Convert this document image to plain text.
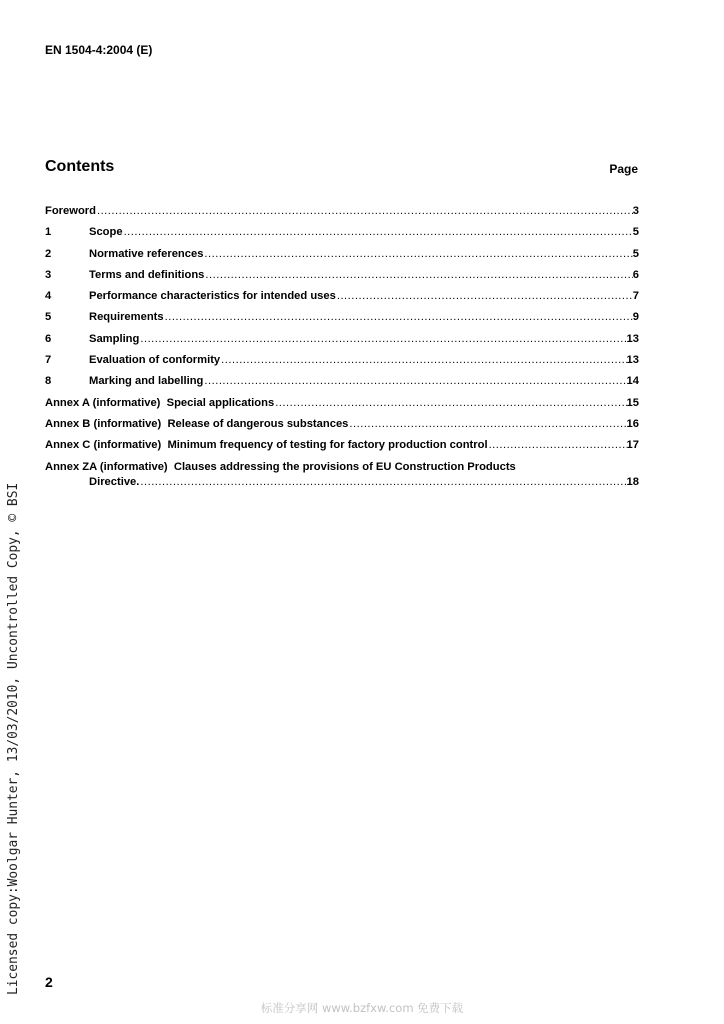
EN 1504-4:2004 (E)
Contents	Page
Foreword .....	3
1	Scope .....	5
2	Normative references .....	5
3	Terms and definitions .....	6
4	Performance characteristics for intended uses .....	7
5	Requirements .....	9
6	Sampling .....	13
7	Evaluation of conformity .....	13
8	Marking and labelling .....	14
Annex A (informative)  Special applications .....	15
Annex B (informative)  Release of dangerous substances .....	16
Annex C (informative)  Minimum frequency of testing for factory production control .....	17
Annex ZA (informative)  Clauses addressing the provisions of EU Construction Products
Directive. .....	18
Licensed copy:Woolgar Hunter, 13/03/2010, Uncontrolled Copy, © BSI 2
标准分享网 www.bzfxw.com 免费下载
